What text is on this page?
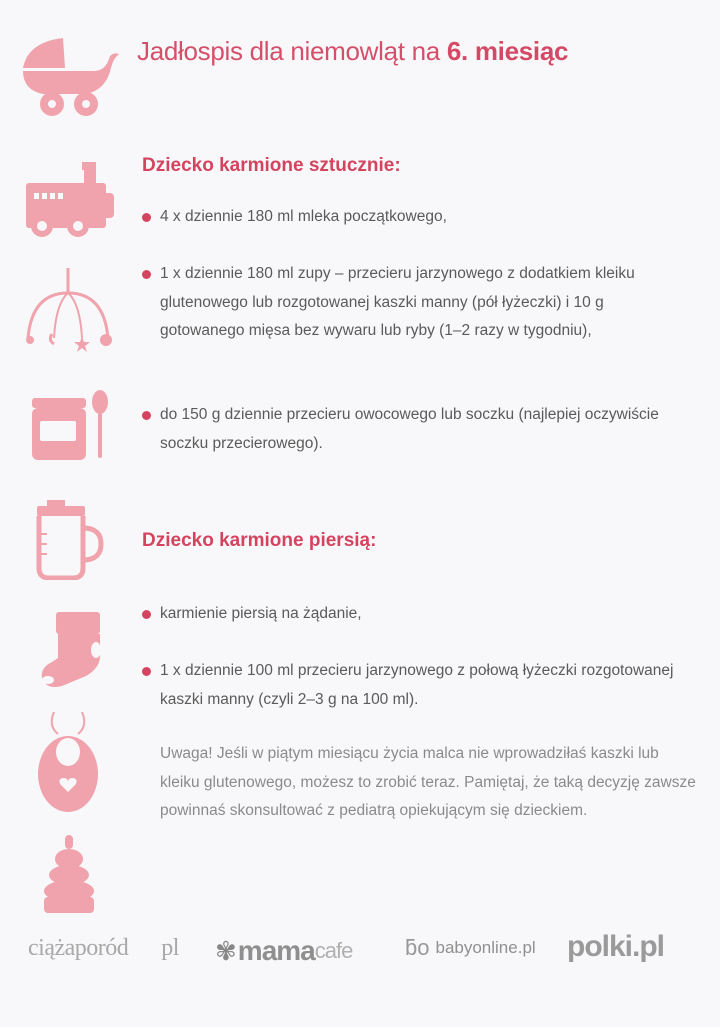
Jadłospis dla niemowląt na 6. miesiąc
Dziecko karmione sztucznie:
4 x dziennie 180 ml mleka początkowego,
1 x dziennie 180 ml zupy – przecieru jarzynowego z dodatkiem kleiku glutenowego lub rozgotowanej kaszki manny (pół łyżeczki) i 10 g gotowanego mięsa bez wywaru lub ryby (1–2 razy w tygodniu),
do 150 g dziennie przecieru owocowego lub soczku (najlepiej oczywiście soczku przecierowego).
Dziecko karmione piersią:
karmienie piersią na żądanie,
1 x dziennie 100 ml przecieru jarzynowego z połową łyżeczki rozgotowanej kaszki manny (czyli 2–3 g na 100 ml).
Uwaga! Jeśli w piątym miesiącu życia malca nie wprowadziłaś kaszki lub kleiku glutenowego, możesz to zrobić teraz. Pamiętaj, że taką decyzję zawsze powinnaś skonsultować z pediatrą opiekującym się dzieckiem.
ciążaporód pl ✾ mama cafe ƃo babyonline.pl polki.pl
